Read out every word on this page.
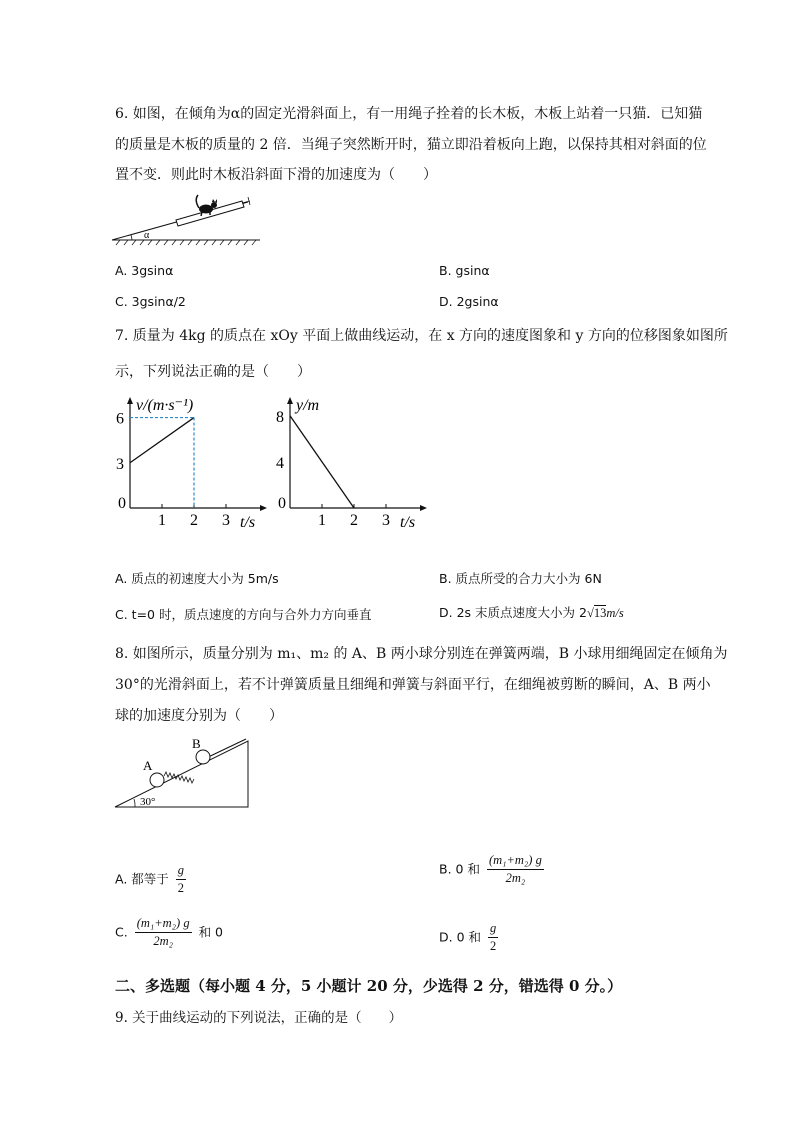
6. 如图，在倾角为α的固定光滑斜面上，有一用绳子拴着的长木板，木板上站着一只猫．已知猫
的质量是木板的质量的 2 倍．当绳子突然断开时，猫立即沿着板向上跑，以保持其相对斜面的位
置不变．则此时木板沿斜面下滑的加速度为（　　）
α
A. 3gsinα	B. gsinα
C. 3gsinα/2	D. 2gsinα
7. 质量为 4kg 的质点在 xOy 平面上做曲线运动，在 x 方向的速度图象和 y 方向的位移图象如图所
示，下列说法正确的是（　　）
0
1 2 3
3
6
v/(m·s⁻¹)
t/s
0
1 2 3
4
8
y/m
t/s
A. 质点的初速度大小为 5m/s	B. 质点所受的合力大小为 6N
C. t=0 时，质点速度的方向与合外力方向垂直	D. 2s 末质点速度大小为 2√13m/s
8. 如图所示，质量分别为 m₁、m₂ 的 A、B 两小球分别连在弹簧两端，B 小球用细绳固定在倾角为
30°的光滑斜面上，若不计弹簧质量且细绳和弹簧与斜面平行，在细绳被剪断的瞬间，A、B 两小
球的加速度分别为（　　）
A
B
30°
A. 都等于 $\frac{g}{2}$	B. 0 和 $\frac{\text{(m₁+m₂) g}}{\text{2m₂}}$
C. $\frac{\text{(m₁+m₂) g}}{\text{2m₂}}$ 和 0	D. 0 和 $\frac{g}{2}$
二、多选题（每小题 4 分，5 小题计 20 分，少选得 2 分，错选得 0 分。）
9. 关于曲线运动的下列说法，正确的是（　　）
